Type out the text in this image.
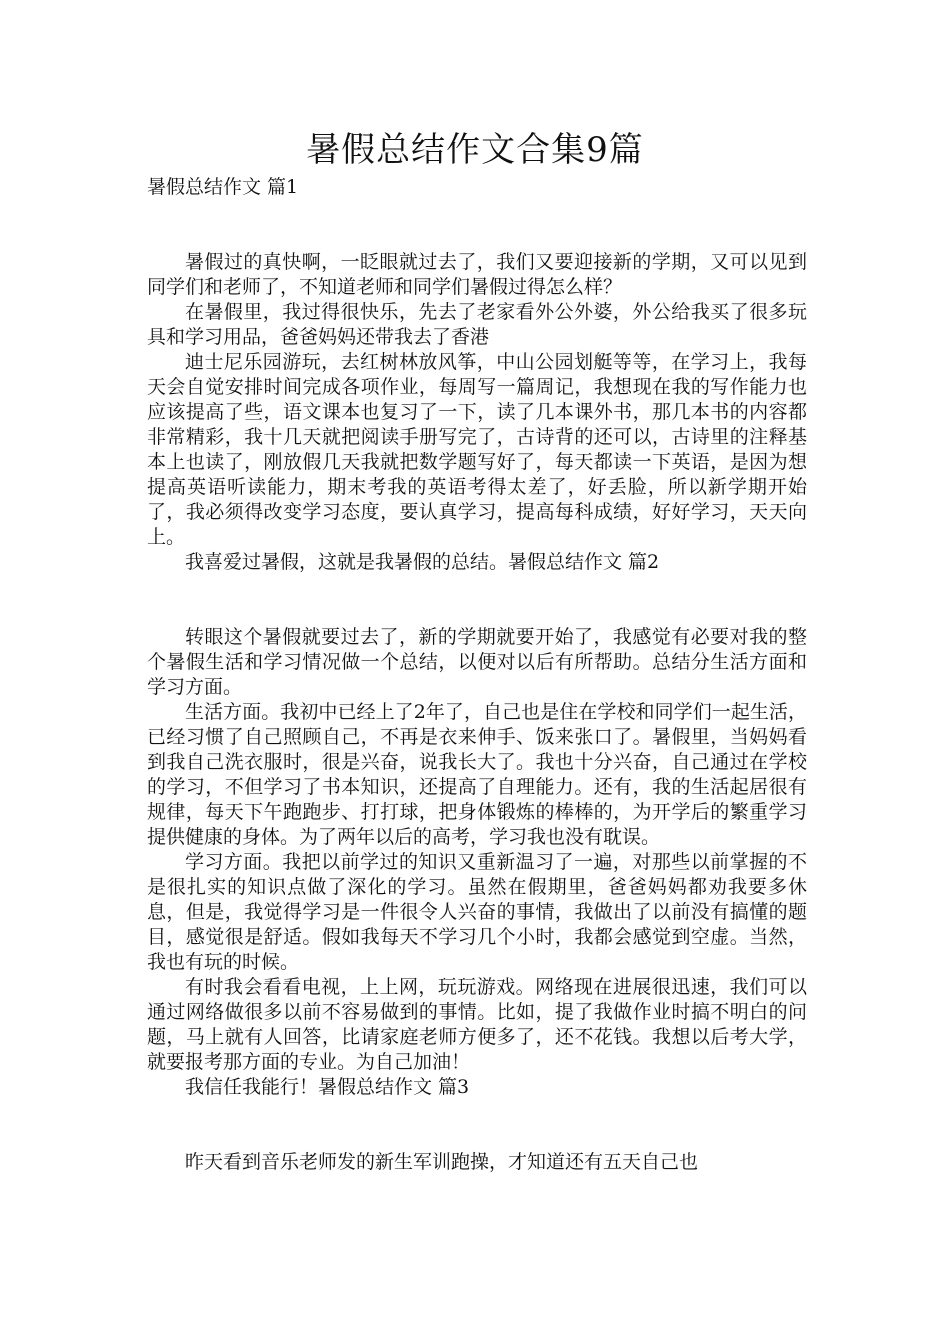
暑假总结作文合集9篇

暑假总结作文 篇1

暑假过的真快啊，一眨眼就过去了，我们又要迎接新的学期，又可以见到同学们和老师了，不知道老师和同学们暑假过得怎么样？

在暑假里，我过得很快乐，先去了老家看外公外婆，外公给我买了很多玩具和学习用品，爸爸妈妈还带我去了香港

迪士尼乐园游玩，去红树林放风筝，中山公园划艇等等，在学习上，我每天会自觉安排时间完成各项作业，每周写一篇周记，我想现在我的写作能力也应该提高了些，语文课本也复习了一下，读了几本课外书，那几本书的内容都非常精彩，我十几天就把阅读手册写完了，古诗背的还可以，古诗里的注释基本上也读了，刚放假几天我就把数学题写好了，每天都读一下英语，是因为想提高英语听读能力，期末考我的英语考得太差了，好丢脸，所以新学期开始了，我必须得改变学习态度，要认真学习，提高每科成绩，好好学习，天天向上。

我喜爱过暑假，这就是我暑假的总结。暑假总结作文 篇2

转眼这个暑假就要过去了，新的学期就要开始了，我感觉有必要对我的整个暑假生活和学习情况做一个总结，以便对以后有所帮助。总结分生活方面和学习方面。

生活方面。我初中已经上了2年了，自己也是住在学校和同学们一起生活，已经习惯了自己照顾自己，不再是衣来伸手、饭来张口了。暑假里，当妈妈看到我自己洗衣服时，很是兴奋，说我长大了。我也十分兴奋，自己通过在学校的学习，不但学习了书本知识，还提高了自理能力。还有，我的生活起居很有规律，每天下午跑跑步、打打球，把身体锻炼的棒棒的，为开学后的繁重学习提供健康的身体。为了两年以后的高考，学习我也没有耽误。

学习方面。我把以前学过的知识又重新温习了一遍，对那些以前掌握的不是很扎实的知识点做了深化的学习。虽然在假期里，爸爸妈妈都劝我要多休息，但是，我觉得学习是一件很令人兴奋的事情，我做出了以前没有搞懂的题目，感觉很是舒适。假如我每天不学习几个小时，我都会感觉到空虚。当然，我也有玩的时候。

有时我会看看电视，上上网，玩玩游戏。网络现在进展很迅速，我们可以通过网络做很多以前不容易做到的事情。比如，提了我做作业时搞不明白的问题，马上就有人回答，比请家庭老师方便多了，还不花钱。我想以后考大学，就要报考那方面的专业。为自己加油！

我信任我能行！暑假总结作文 篇3

昨天看到音乐老师发的新生军训跑操，才知道还有五天自己也
